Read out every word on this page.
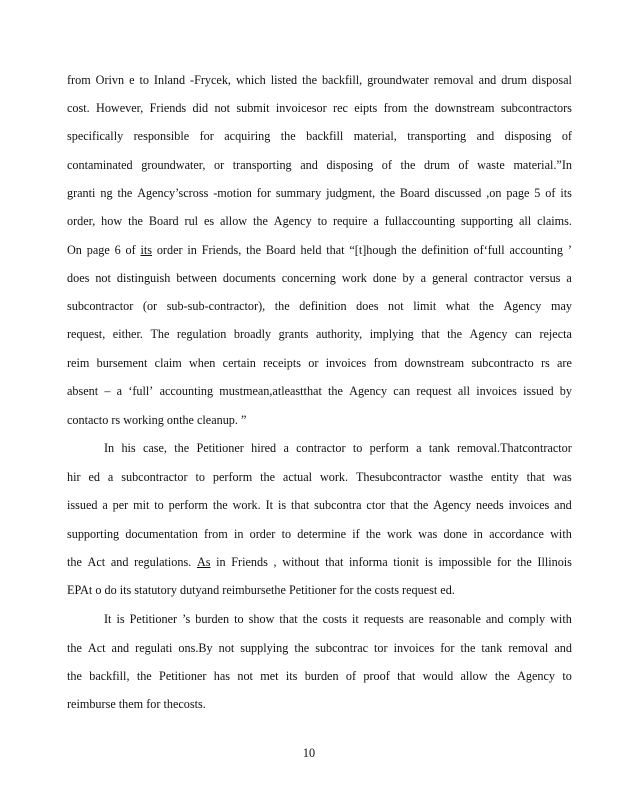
from Orivn e to Inland -Frycek, which listed the backfill, groundwater removal and drum disposal
cost. However, Friends did not submit invoicesor rec eipts from the downstream subcontractors
specifically responsible for acquiring the backfill material, transporting and disposing of
contaminated groundwater, or transporting and disposing of the drum of waste material.”In
granti ng the Agency’scross -motion for summary judgment, the Board discussed ,on page 5 of its
order, how the Board rul es allow the Agency to require a fullaccounting supporting all claims.
On page 6 of its order in Friends, the Board held that “[t]hough the definition of‘full accounting ’
does not distinguish between documents concerning work done by a general contractor versus a
subcontractor (or sub-sub-contractor), the definition does not limit what the Agency may
request, either. The regulation broadly grants authority, implying that the Agency can rejecta
reim bursement claim when certain receipts or invoices from downstream subcontracto rs are
absent – a ‘full’ accounting mustmean,atleastthat the Agency can request all invoices issued by
contacto rs working onthe cleanup. ”
In his case, the Petitioner hired a contractor to perform a tank removal.Thatcontractor
hir ed a subcontractor to perform the actual work. Thesubcontractor wasthe entity that was
issued a per mit to perform the work. It is that subcontra ctor that the Agency needs invoices and
supporting documentation from in order to determine if the work was done in accordance with
the Act and regulations. As in Friends , without that informa tionit is impossible for the Illinois
EPAt o do its statutory dutyand reimbursethe Petitioner for the costs request ed.
It is Petitioner ’s burden to show that the costs it requests are reasonable and comply with
the Act and regulati ons.By not supplying the subcontrac tor invoices for the tank removal and
the backfill, the Petitioner has not met its burden of proof that would allow the Agency to
reimburse them for thecosts.
10
